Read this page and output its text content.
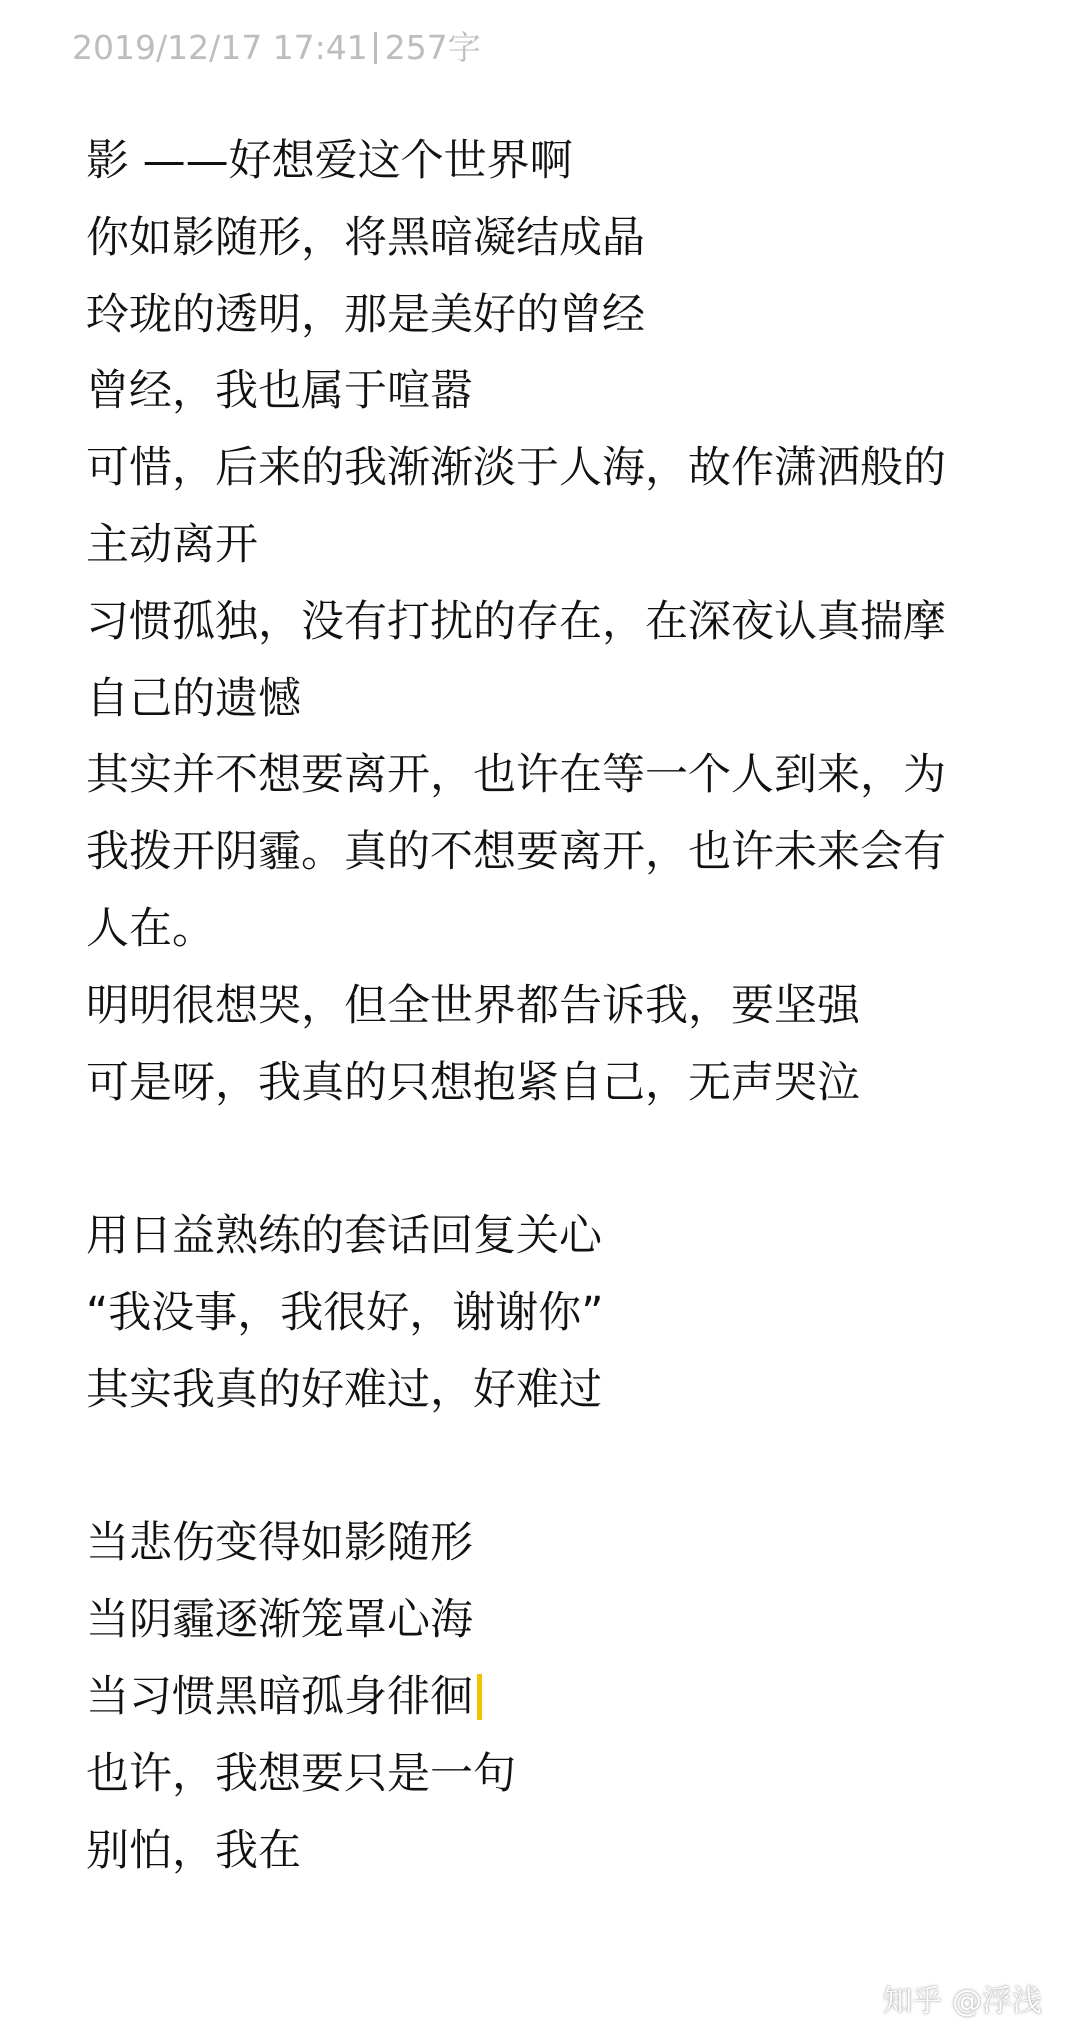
2019/12/17 17:41 257字
影 ——好想爱这个世界啊
你如影随形，将黑暗凝结成晶
玲珑的透明，那是美好的曾经
曾经，我也属于喧嚣
可惜，后来的我渐渐淡于人海，故作潇洒般的
主动离开
习惯孤独，没有打扰的存在，在深夜认真揣摩
自己的遗憾
其实并不想要离开，也许在等一个人到来，为
我拨开阴霾。真的不想要离开，也许未来会有
人在。
明明很想哭，但全世界都告诉我，要坚强
可是呀，我真的只想抱紧自己，无声哭泣
用日益熟练的套话回复关心
“我没事，我很好，谢谢你”
其实我真的好难过，好难过
当悲伤变得如影随形
当阴霾逐渐笼罩心海
当习惯黑暗孤身徘徊
也许，我想要只是一句
别怕，我在
知乎 @浮浅
